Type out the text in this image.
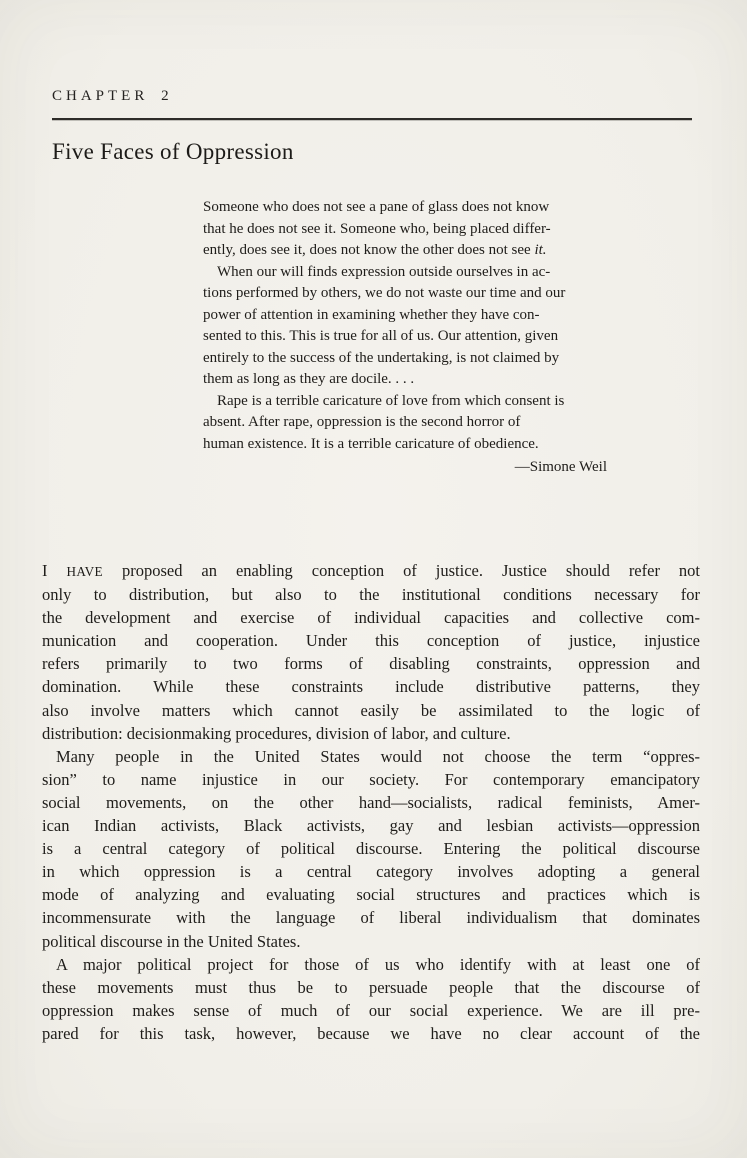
CHAPTER 2
Five Faces of Oppression
Someone who does not see a pane of glass does not know
that he does not see it. Someone who, being placed differ-
ently, does see it, does not know the other does not see it.
When our will finds expression outside ourselves in ac-
tions performed by others, we do not waste our time and our
power of attention in examining whether they have con-
sented to this. This is true for all of us. Our attention, given
entirely to the success of the undertaking, is not claimed by
them as long as they are docile. . . .
Rape is a terrible caricature of love from which consent is
absent. After rape, oppression is the second horror of
human existence. It is a terrible caricature of obedience.
—Simone Weil
I HAVE proposed an enabling conception of justice. Justice should refer not
only to distribution, but also to the institutional conditions necessary for
the development and exercise of individual capacities and collective com-
munication and cooperation. Under this conception of justice, injustice
refers primarily to two forms of disabling constraints, oppression and
domination. While these constraints include distributive patterns, they
also involve matters which cannot easily be assimilated to the logic of
distribution: decisionmaking procedures, division of labor, and culture.
Many people in the United States would not choose the term “oppres-
sion” to name injustice in our society. For contemporary emancipatory
social movements, on the other hand—socialists, radical feminists, Amer-
ican Indian activists, Black activists, gay and lesbian activists—oppression
is a central category of political discourse. Entering the political discourse
in which oppression is a central category involves adopting a general
mode of analyzing and evaluating social structures and practices which is
incommensurate with the language of liberal individualism that dominates
political discourse in the United States.
A major political project for those of us who identify with at least one of
these movements must thus be to persuade people that the discourse of
oppression makes sense of much of our social experience. We are ill pre-
pared for this task, however, because we have no clear account of the
